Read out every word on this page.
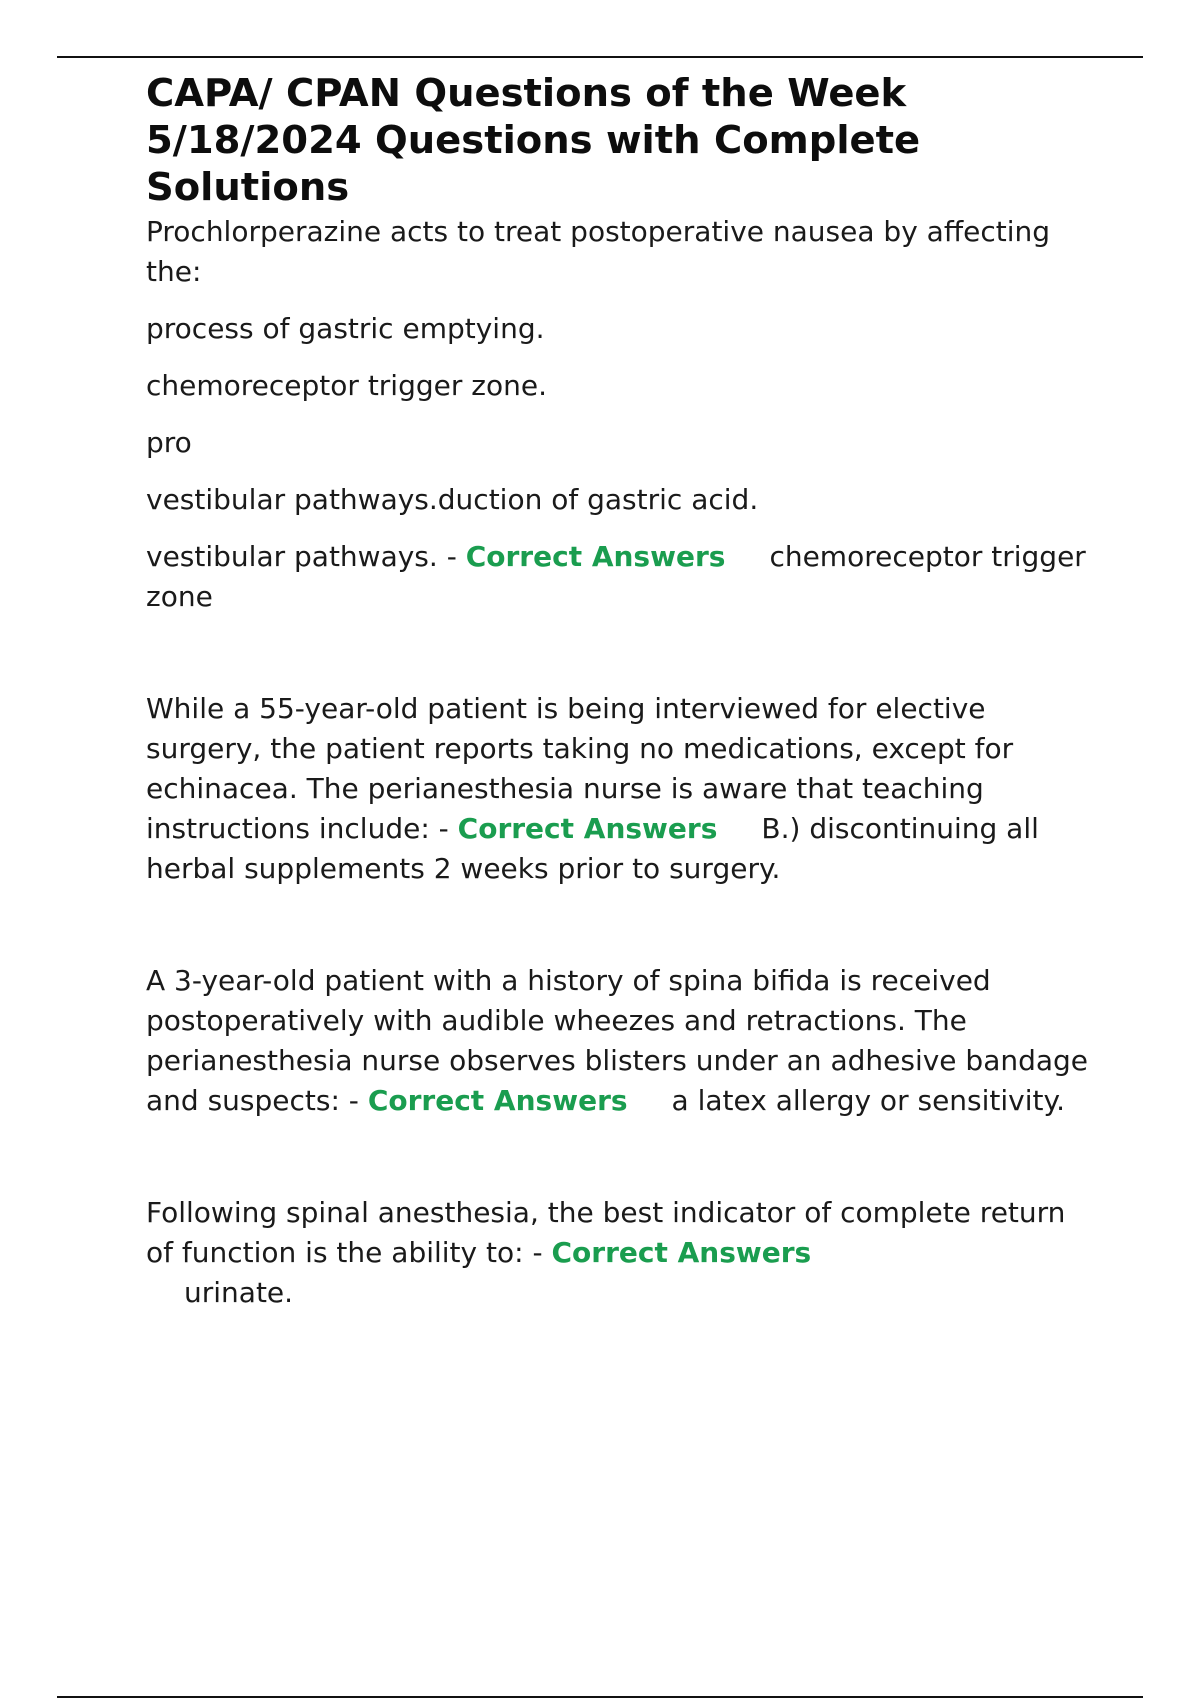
CAPA/ CPAN Questions of the Week 5/18/2024 Questions with Complete Solutions

Prochlorperazine acts to treat postoperative nausea by affecting the:

process of gastric emptying.

chemoreceptor trigger zone.

pro

vestibular pathways.duction of gastric acid.

vestibular pathways. - Correct Answers chemoreceptor trigger zone

While a 55-year-old patient is being interviewed for elective surgery, the patient reports taking no medications, except for echinacea. The perianesthesia nurse is aware that teaching instructions include: - Correct Answers B.) discontinuing all herbal supplements 2 weeks prior to surgery.

A 3-year-old patient with a history of spina bifida is received postoperatively with audible wheezes and retractions. The perianesthesia nurse observes blisters under an adhesive bandage and suspects: - Correct Answers a latex allergy or sensitivity.

Following spinal anesthesia, the best indicator of complete return of function is the ability to: - Correct Answers
urinate.
